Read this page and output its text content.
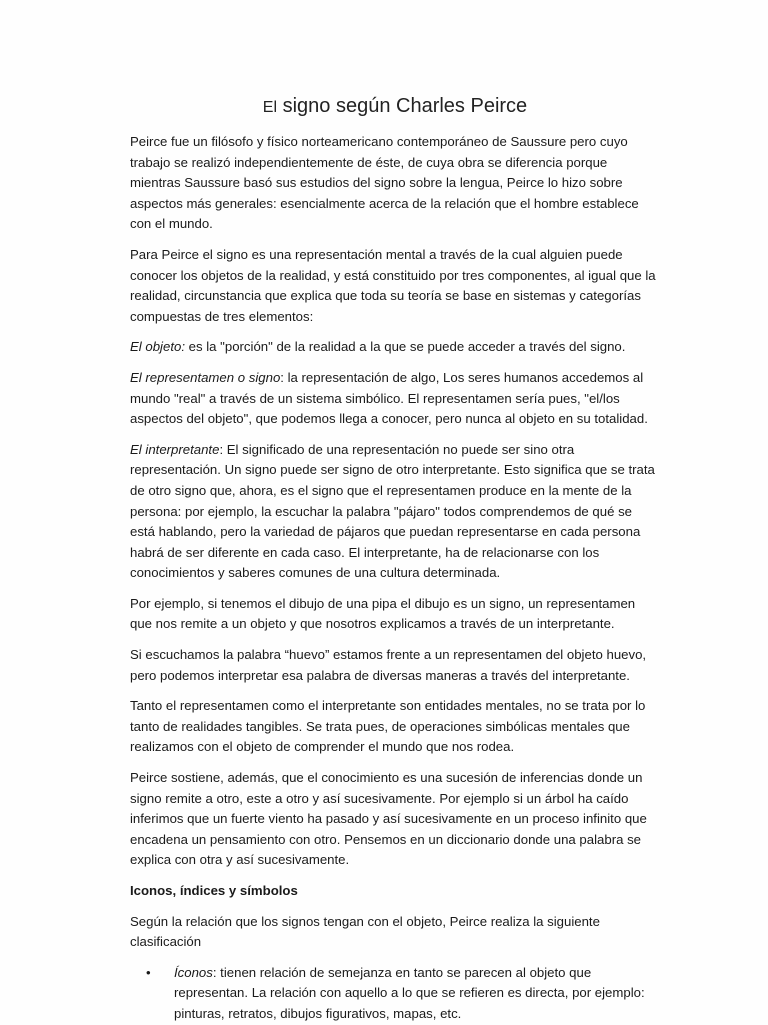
El signo según Charles Peirce

Peirce fue un filósofo y físico norteamericano contemporáneo de Saussure pero cuyo trabajo se realizó independientemente de éste, de cuya obra se diferencia porque mientras Saussure basó sus estudios del signo sobre la lengua, Peirce lo hizo sobre aspectos más generales: esencialmente acerca de la relación que el hombre establece con el mundo.

Para Peirce el signo es una representación mental a través de la cual alguien puede conocer los objetos de la realidad, y está constituido por tres componentes, al igual que la realidad, circunstancia que explica que toda su teoría se base en sistemas y categorías compuestas de tres elementos:

El objeto: es la "porción" de la realidad a la que se puede acceder a través del signo.

El representamen o signo: la representación de algo, Los seres humanos accedemos al mundo "real" a través de un sistema simbólico. El representamen sería pues, "el/los aspectos del objeto", que podemos llega a conocer, pero nunca al objeto en su totalidad.

El interpretante: El significado de una representación no puede ser sino otra representación. Un signo puede ser signo de otro interpretante. Esto significa que se trata de otro signo que, ahora, es el signo que el representamen produce en la mente de la persona: por ejemplo, la escuchar la palabra "pájaro" todos comprendemos de qué se está hablando, pero la variedad de pájaros que puedan representarse en cada persona habrá de ser diferente en cada caso. El interpretante, ha de relacionarse con los conocimientos y saberes comunes de una cultura determinada.

Por ejemplo, si tenemos el dibujo de una pipa el dibujo es un signo, un representamen que nos remite a un objeto y que nosotros explicamos a través de un interpretante.

Si escuchamos la palabra “huevo” estamos frente a un representamen del objeto huevo, pero podemos interpretar esa palabra de diversas maneras a través del interpretante.

Tanto el representamen como el interpretante son entidades mentales, no se trata por lo tanto de realidades tangibles. Se trata pues, de operaciones simbólicas mentales que realizamos con el objeto de comprender el mundo que nos rodea.

Peirce sostiene, además, que el conocimiento es una sucesión de inferencias donde un signo remite a otro, este a otro y así sucesivamente. Por ejemplo si un árbol ha caído inferimos que un fuerte viento ha pasado y así sucesivamente en un proceso infinito que encadena un pensamiento con otro. Pensemos en un diccionario donde una palabra se explica con otra y así sucesivamente.

Iconos, índices y símbolos

Según la relación que los signos tengan con el objeto, Peirce realiza la siguiente clasificación

• Íconos: tienen relación de semejanza en tanto se parecen al objeto que representan. La relación con aquello a lo que se refieren es directa, por ejemplo: pinturas, retratos, dibujos figurativos, mapas, etc.
